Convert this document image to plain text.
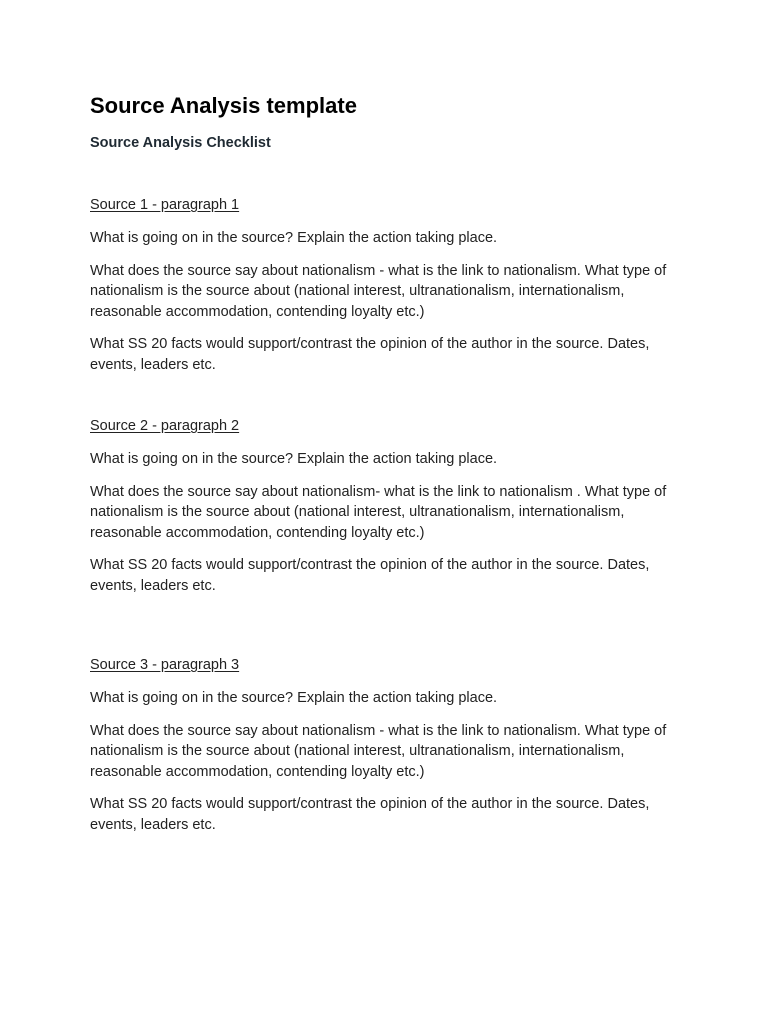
Source Analysis template
Source Analysis Checklist

Source 1 - paragraph 1

What is going on in the source? Explain the action taking place.

What does the source say about nationalism - what is the link to nationalism. What type of nationalism is the source about (national interest, ultranationalism, internationalism, reasonable accommodation, contending loyalty etc.)

What SS 20 facts would support/contrast the opinion of the author in the source. Dates, events, leaders etc.

Source 2 - paragraph 2

What is going on in the source? Explain the action taking place.

What does the source say about nationalism- what is the link to nationalism . What type of nationalism is the source about (national interest, ultranationalism, internationalism, reasonable accommodation, contending loyalty etc.)

What SS 20 facts would support/contrast the opinion of the author in the source. Dates, events, leaders etc.

Source 3 - paragraph 3

What is going on in the source? Explain the action taking place.

What does the source say about nationalism - what is the link to nationalism. What type of nationalism is the source about (national interest, ultranationalism, internationalism, reasonable accommodation, contending loyalty etc.)

What SS 20 facts would support/contrast the opinion of the author in the source. Dates, events, leaders etc.
